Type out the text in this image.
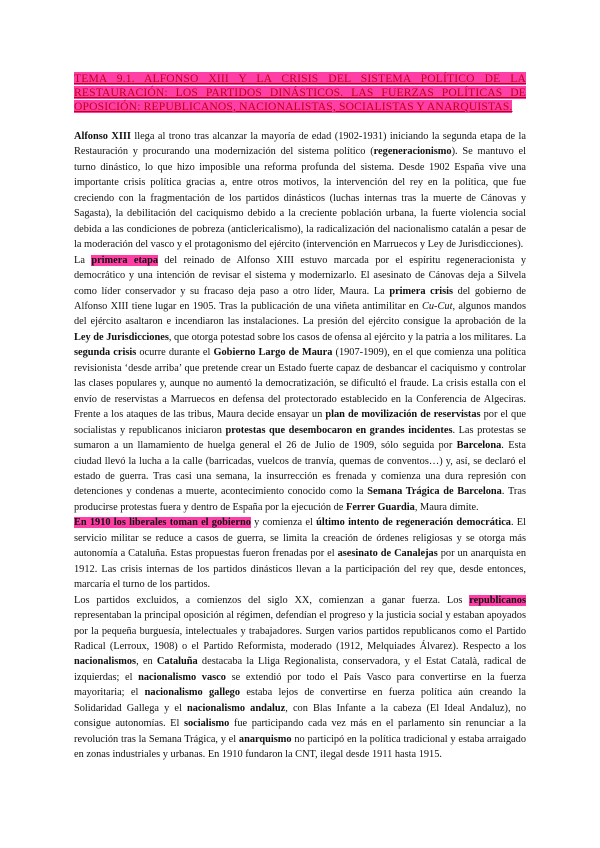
TEMA 9.1. ALFONSO XIII Y LA CRISIS DEL SISTEMA POLÍTICO DE LA RESTAURACIÓN: LOS PARTIDOS DINÁSTICOS. LAS FUERZAS POLÍTICAS DE OPOSICIÓN: REPUBLICANOS, NACIONALISTAS, SOCIALISTAS Y ANARQUISTAS.

Alfonso XIII llega al trono tras alcanzar la mayoría de edad (1902-1931) iniciando la segunda etapa de la Restauración y procurando una modernización del sistema político (regeneracionismo). Se mantuvo el turno dinástico, lo que hizo imposible una reforma profunda del sistema. Desde 1902 España vive una importante crisis política gracias a, entre otros motivos, la intervención del rey en la política, que fue creciendo con la fragmentación de los partidos dinásticos (luchas internas tras la muerte de Cánovas y Sagasta), la debilitación del caciquismo debido a la creciente población urbana, la fuerte violencia social debida a las condiciones de pobreza (anticlericalismo), la radicalización del nacionalismo catalán a pesar de la moderación del vasco y el protagonismo del ejército (intervención en Marruecos y Ley de Jurisdicciones).

La primera etapa del reinado de Alfonso XIII estuvo marcada por el espíritu regeneracionista y democrático y una intención de revisar el sistema y modernizarlo. El asesinato de Cánovas deja a Silvela como líder conservador y su fracaso deja paso a otro líder, Maura. La primera crisis del gobierno de Alfonso XIII tiene lugar en 1905. Tras la publicación de una viñeta antimilitar en Cu-Cut, algunos mandos del ejército asaltaron e incendiaron las instalaciones. La presión del ejército consigue la aprobación de la Ley de Jurisdicciones, que otorga potestad sobre los casos de ofensa al ejército y la patria a los militares. La segunda crisis ocurre durante el Gobierno Largo de Maura (1907-1909), en el que comienza una política revisionista ‘desde arriba’ que pretende crear un Estado fuerte capaz de desbancar el caciquismo y controlar las clases populares y, aunque no aumentó la democratización, se dificultó el fraude. La crisis estalla con el envío de reservistas a Marruecos en defensa del protectorado establecido en la Conferencia de Algeciras. Frente a los ataques de las tribus, Maura decide ensayar un plan de movilización de reservistas por el que socialistas y republicanos iniciaron protestas que desembocaron en grandes incidentes. Las protestas se sumaron a un llamamiento de huelga general el 26 de Julio de 1909, sólo seguida por Barcelona. Esta ciudad llevó la lucha a la calle (barricadas, vuelcos de tranvía, quemas de conventos…) y, así, se declaró el estado de guerra. Tras casi una semana, la insurrección es frenada y comienza una dura represión con detenciones y condenas a muerte, acontecimiento conocido como la Semana Trágica de Barcelona. Tras producirse protestas fuera y dentro de España por la ejecución de Ferrer Guardia, Maura dimite.

En 1910 los liberales toman el gobierno y comienza el último intento de regeneración democrática. El servicio militar se reduce a casos de guerra, se limita la creación de órdenes religiosas y se otorga más autonomía a Cataluña. Estas propuestas fueron frenadas por el asesinato de Canalejas por un anarquista en 1912. Las crisis internas de los partidos dinásticos llevan a la participación del rey que, desde entonces, marcaría el turno de los partidos.

Los partidos excluidos, a comienzos del siglo XX, comienzan a ganar fuerza. Los republicanos representaban la principal oposición al régimen, defendían el progreso y la justicia social y estaban apoyados por la pequeña burguesía, intelectuales y trabajadores. Surgen varios partidos republicanos como el Partido Radical (Lerroux, 1908) o el Partido Reformista, moderado (1912, Melquiades Álvarez). Respecto a los nacionalismos, en Cataluña destacaba la Lliga Regionalista, conservadora, y el Estat Català, radical de izquierdas; el nacionalismo vasco se extendió por todo el País Vasco para convertirse en la fuerza mayoritaria; el nacionalismo gallego estaba lejos de convertirse en fuerza política aún creando la Solidaridad Gallega y el nacionalismo andaluz, con Blas Infante a la cabeza (El Ideal Andaluz), no consigue autonomías. El socialismo fue participando cada vez más en el parlamento sin renunciar a la revolución tras la Semana Trágica, y el anarquismo no participó en la política tradicional y estaba arraigado en zonas industriales y urbanas. En 1910 fundaron la CNT, ilegal desde 1911 hasta 1915.
